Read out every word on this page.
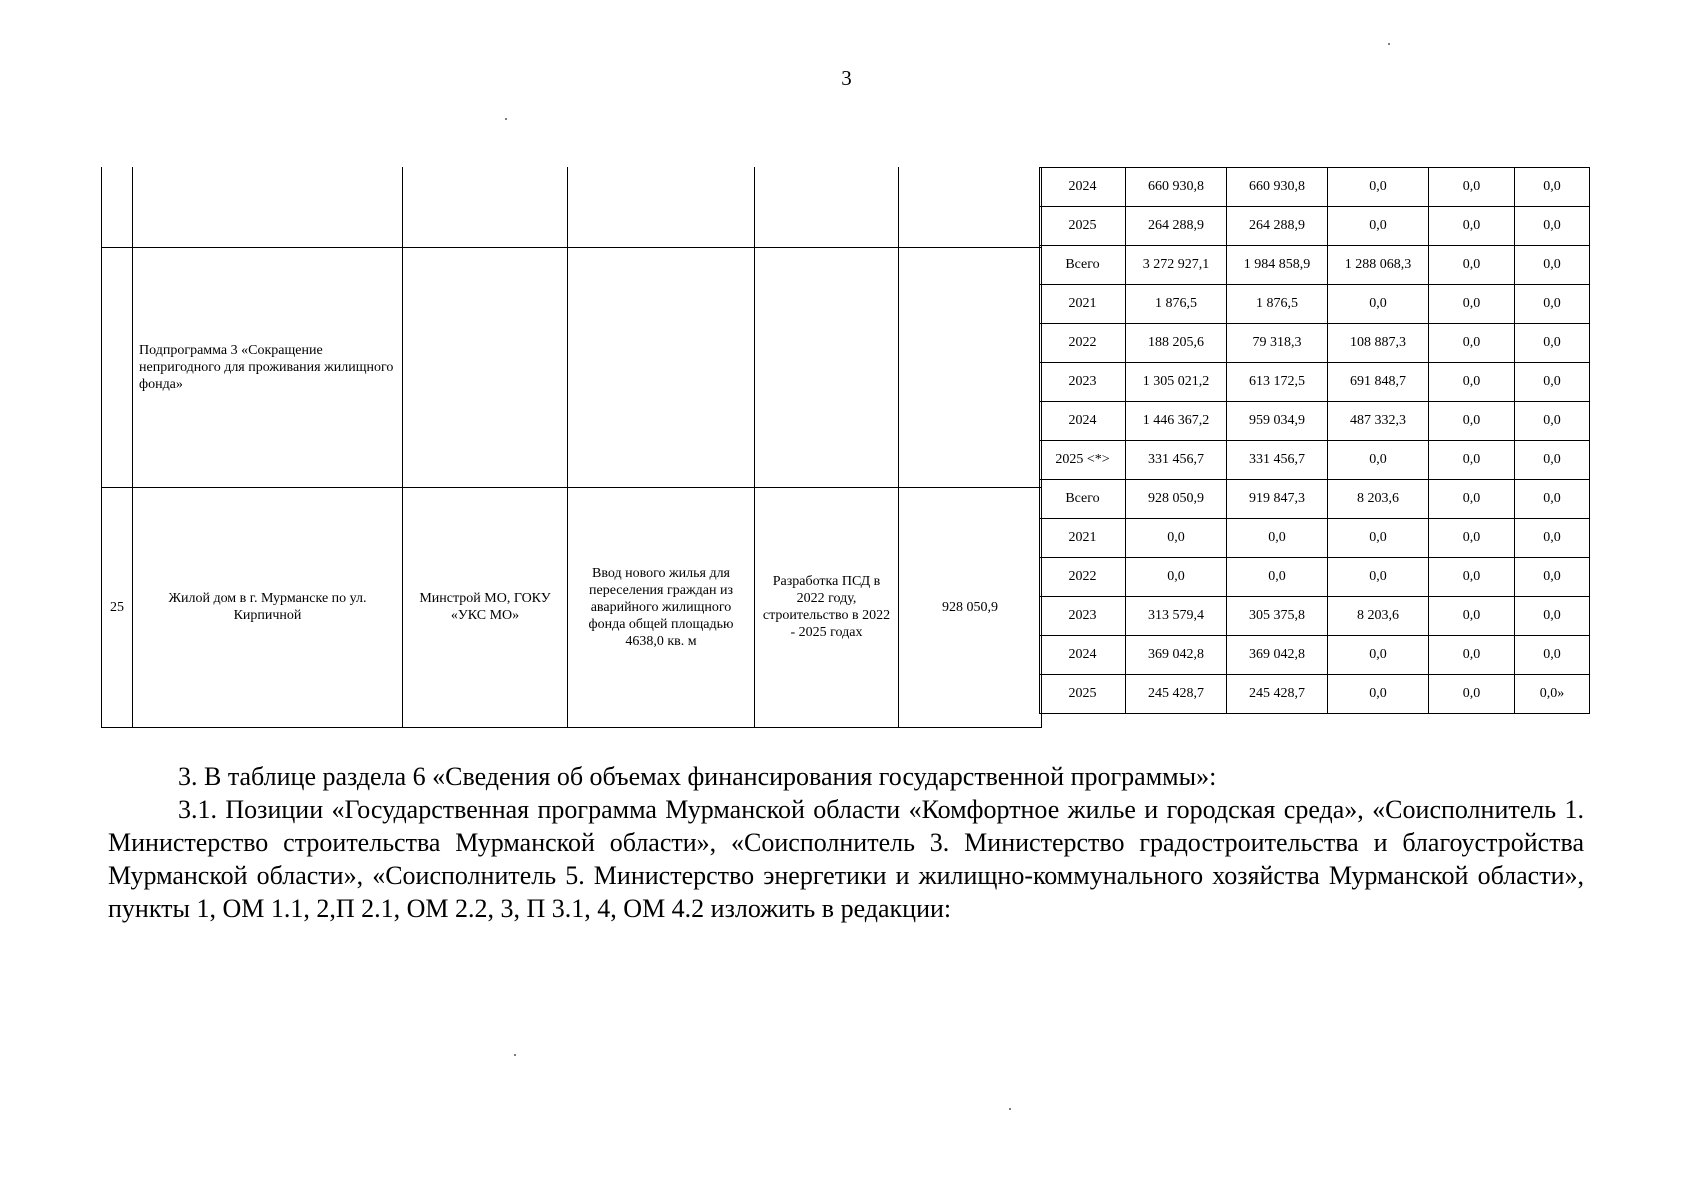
3

	Подпрограмма 3 «Сокращение непригодного для проживания жилищного фонда»				
25	Жилой дом в г. Мурманске по ул. Кирпичной	Минстрой МО, ГОКУ «УКС МО»	Ввод нового жилья для переселения граждан из аварийного жилищного фонда общей площадью 4638,0 кв. м	Разработка ПСД в 2022 году, строительство в 2022 - 2025 годах	928 050,9
2024	660 930,8	660 930,8	0,0	0,0	0,0
2025	264 288,9	264 288,9	0,0	0,0	0,0
Всего	3 272 927,1	1 984 858,9	1 288 068,3	0,0	0,0
2021	1 876,5	1 876,5	0,0	0,0	0,0
2022	188 205,6	79 318,3	108 887,3	0,0	0,0
2023	1 305 021,2	613 172,5	691 848,7	0,0	0,0
2024	1 446 367,2	959 034,9	487 332,3	0,0	0,0
2025 <*>	331 456,7	331 456,7	0,0	0,0	0,0
Всего	928 050,9	919 847,3	8 203,6	0,0	0,0
2021	0,0	0,0	0,0	0,0	0,0
2022	0,0	0,0	0,0	0,0	0,0
2023	313 579,4	305 375,8	8 203,6	0,0	0,0
2024	369 042,8	369 042,8	0,0	0,0	0,0
2025	245 428,7	245 428,7	0,0	0,0	0,0»

3. В таблице раздела 6 «Сведения об объемах финансирования государственной программы»:

3.1. Позиции «Государственная программа Мурманской области «Комфортное жилье и городская среда», «Соисполнитель 1. Министерство строительства Мурманской области», «Соисполнитель 3. Министерство градостроительства и благоустройства Мурманской области», «Соисполнитель 5. Министерство энергетики и жилищно-коммунального хозяйства Мурманской области», пункты 1, ОМ 1.1, 2,П 2.1, ОМ 2.2, 3, П 3.1, 4, ОМ 4.2 изложить в редакции:
